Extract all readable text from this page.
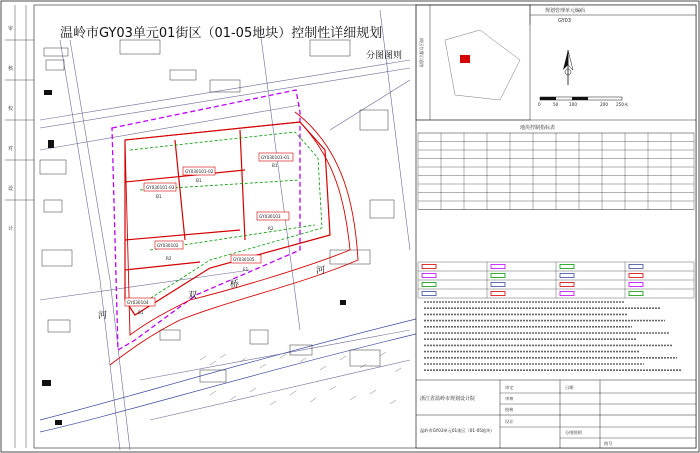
审
核
校
对
设
计
GY030101-01
B1
GY030101-02
B1
GY030101-03
B1
GY030103
R2
GY030102
R2	GY030105
E1
GY030104
B1
河
河
双
桥
温岭市GY03单元01街区（01-05地块）控制性详细规划
分图图则
规划管理单元编码
GY03
街区位置示意图
0	50	100	200 250米
地块控制指标表
浙江省温岭市规划设计院
温岭市GY03单元01街区（01-05地块）	分图图则
审定
审核
校核
设计
日期
图号
